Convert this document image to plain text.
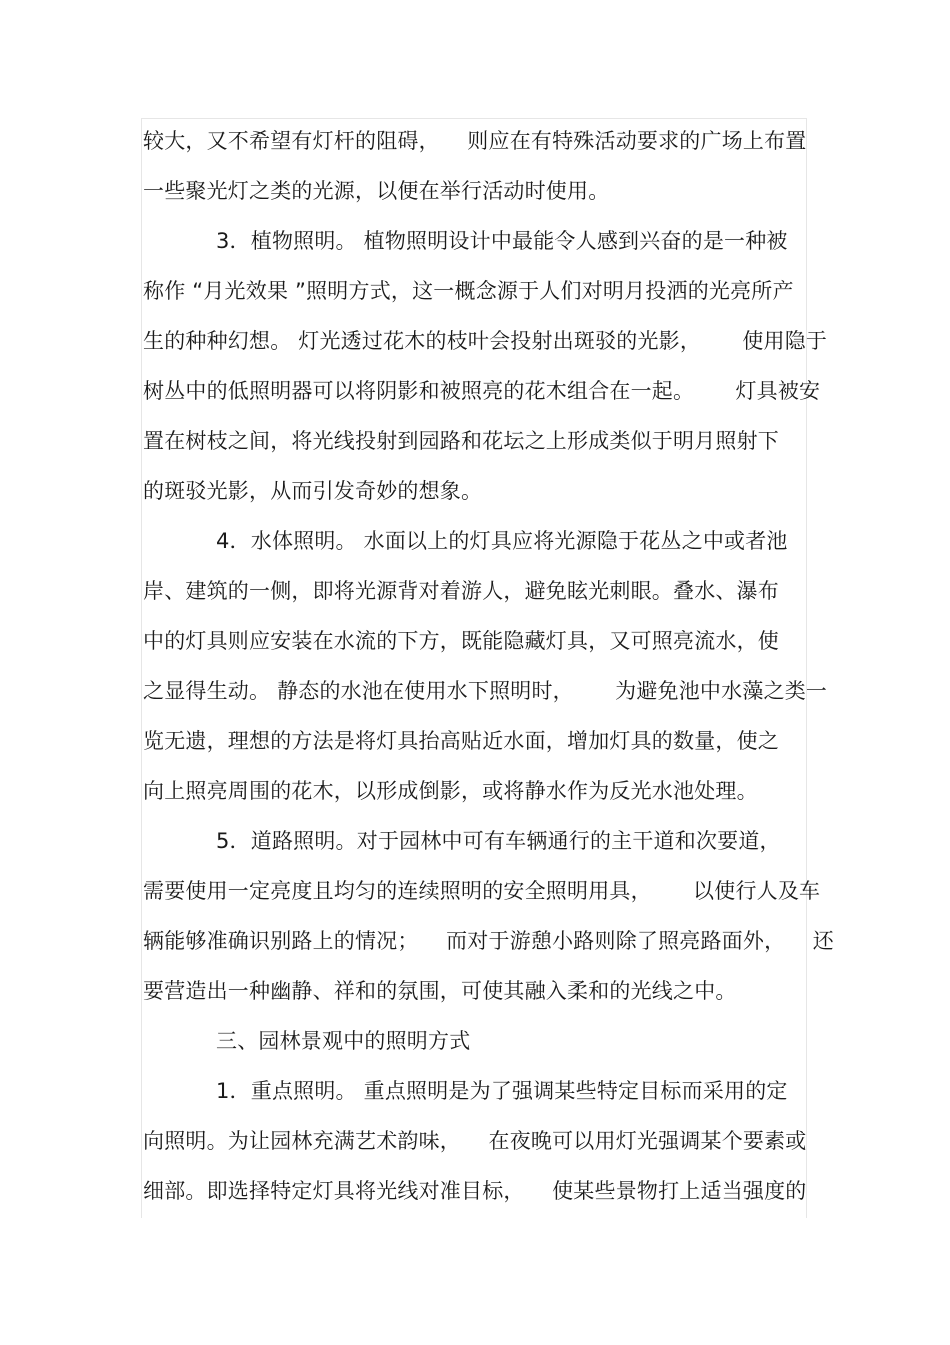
较大，又不希望有灯杆的阻碍，    则应在有特殊活动要求的广场上布置
一些聚光灯之类的光源，以便在举行活动时使用。
3．植物照明。 植物照明设计中最能令人感到兴奋的是一种被
称作 “月光效果 ”照明方式，这一概念源于人们对明月投洒的光亮所产
生的种种幻想。 灯光透过花木的枝叶会投射出斑驳的光影，      使用隐于
树丛中的低照明器可以将阴影和被照亮的花木组合在一起。      灯具被安
置在树枝之间，将光线投射到园路和花坛之上形成类似于明月照射下
的斑驳光影，从而引发奇妙的想象。
4．水体照明。 水面以上的灯具应将光源隐于花丛之中或者池
岸、建筑的一侧，即将光源背对着游人，避免眩光刺眼。叠水、瀑布
中的灯具则应安装在水流的下方，既能隐藏灯具，又可照亮流水，使
之显得生动。 静态的水池在使用水下照明时，      为避免池中水藻之类一
览无遗，理想的方法是将灯具抬高贴近水面，增加灯具的数量，使之
向上照亮周围的花木，以形成倒影，或将静水作为反光水池处理。
5．道路照明。对于园林中可有车辆通行的主干道和次要道，
需要使用一定亮度且均匀的连续照明的安全照明用具，      以使行人及车
辆能够准确识别路上的情况；    而对于游憩小路则除了照亮路面外，    还
要营造出一种幽静、祥和的氛围，可使其融入柔和的光线之中。
三、园林景观中的照明方式
1．重点照明。 重点照明是为了强调某些特定目标而采用的定
向照明。为让园林充满艺术韵味，    在夜晚可以用灯光强调某个要素或
细部。即选择特定灯具将光线对准目标，    使某些景物打上适当强度的
